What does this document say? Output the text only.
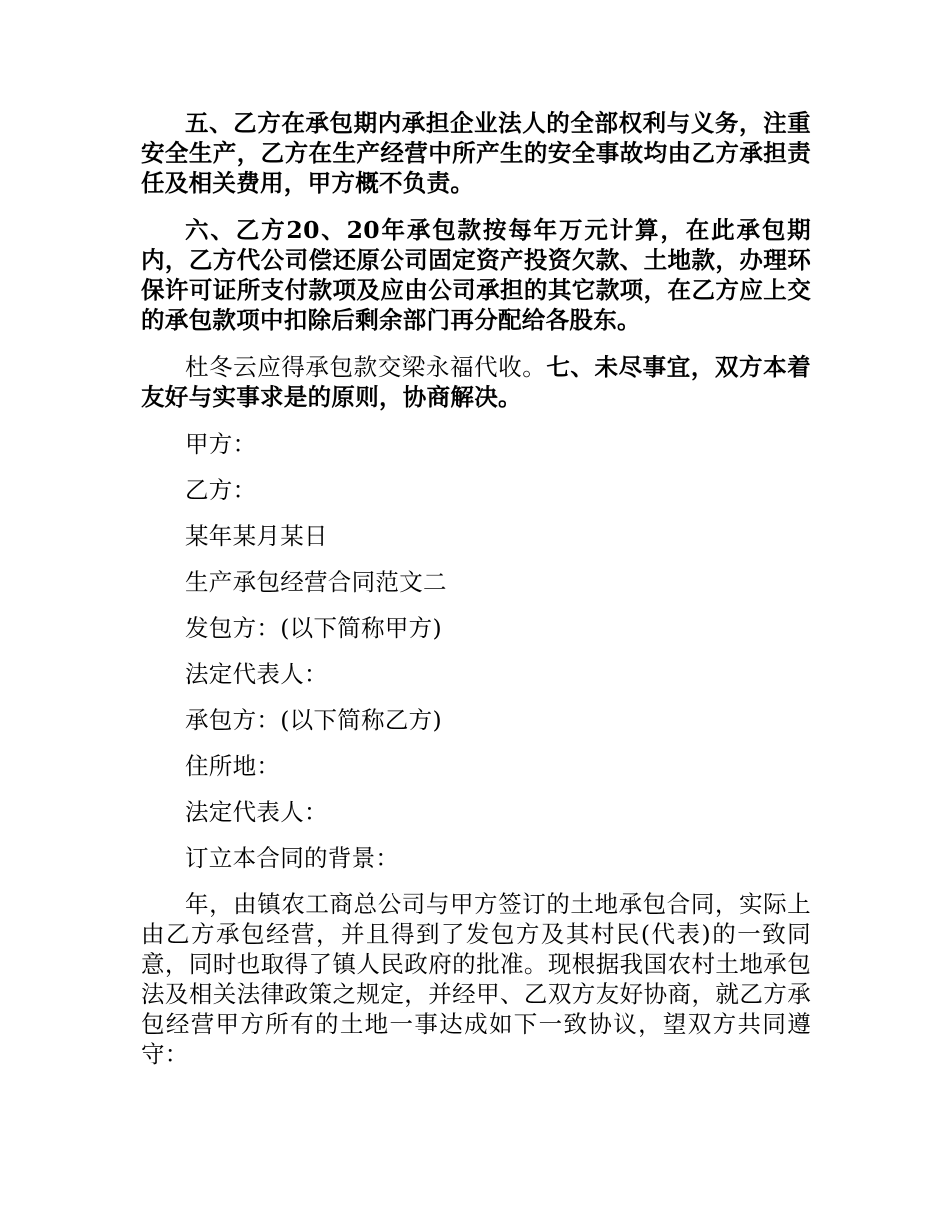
五、乙方在承包期内承担企业法人的全部权利与义务，注重安全生产，乙方在生产经营中所产生的安全事故均由乙方承担责任及相关费用，甲方概不负责。

六、乙方20、20年承包款按每年万元计算，在此承包期内，乙方代公司偿还原公司固定资产投资欠款、土地款，办理环保许可证所支付款项及应由公司承担的其它款项，在乙方应上交的承包款项中扣除后剩余部门再分配给各股东。

杜冬云应得承包款交梁永福代收。七、未尽事宜，双方本着友好与实事求是的原则，协商解决。

甲方：

乙方：

某年某月某日

生产承包经营合同范文二

发包方：(以下简称甲方)

法定代表人：

承包方：(以下简称乙方)

住所地：

法定代表人：

订立本合同的背景：

年，由镇农工商总公司与甲方签订的土地承包合同，实际上由乙方承包经营，并且得到了发包方及其村民(代表)的一致同意，同时也取得了镇人民政府的批准。现根据我国农村土地承包法及相关法律政策之规定，并经甲、乙双方友好协商，就乙方承包经营甲方所有的土地一事达成如下一致协议，望双方共同遵守：
